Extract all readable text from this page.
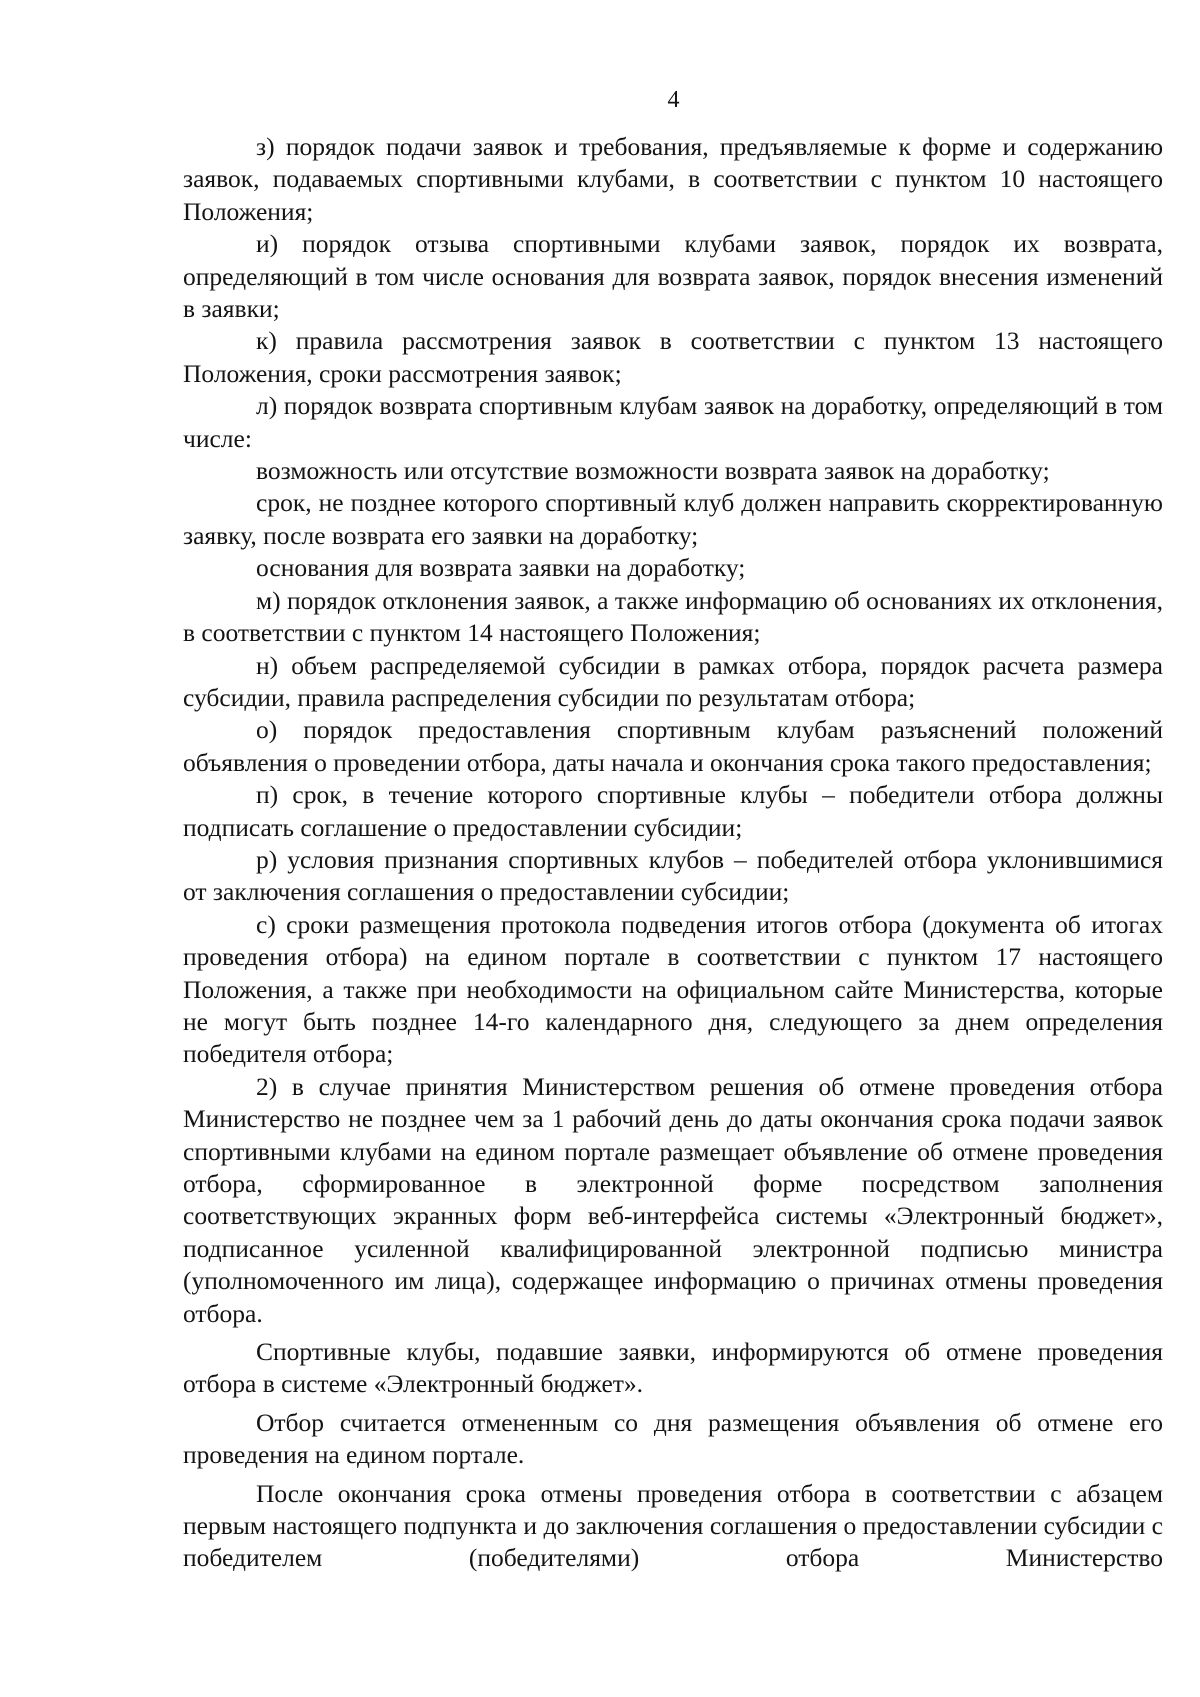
4

з) порядок подачи заявок и требования, предъявляемые к форме и содержанию заявок, подаваемых спортивными клубами, в соответствии с пунктом 10 настоящего Положения;

и) порядок отзыва спортивными клубами заявок, порядок их возврата, определяющий в том числе основания для возврата заявок, порядок внесения изменений в заявки;

к) правила рассмотрения заявок в соответствии с пунктом 13 настоящего Положения, сроки рассмотрения заявок;

л) порядок возврата спортивным клубам заявок на доработку, определяющий в том числе:

возможность или отсутствие возможности возврата заявок на доработку;

срок, не позднее которого спортивный клуб должен направить скорректированную заявку, после возврата его заявки на доработку;

основания для возврата заявки на доработку;

м) порядок отклонения заявок, а также информацию об основаниях их отклонения, в соответствии с пунктом 14 настоящего Положения;

н) объем распределяемой субсидии в рамках отбора, порядок расчета размера субсидии, правила распределения субсидии по результатам отбора;

о) порядок предоставления спортивным клубам разъяснений положений объявления о проведении отбора, даты начала и окончания срока такого предоставления;

п) срок, в течение которого спортивные клубы – победители отбора должны подписать соглашение о предоставлении субсидии;

р) условия признания спортивных клубов – победителей отбора уклонившимися от заключения соглашения о предоставлении субсидии;

с) сроки размещения протокола подведения итогов отбора (документа об итогах проведения отбора) на едином портале в соответствии с пунктом 17 настоящего Положения, а также при необходимости на официальном сайте Министерства, которые не могут быть позднее 14-го календарного дня, следующего за днем определения победителя отбора;

2) в случае принятия Министерством решения об отмене проведения отбора Министерство не позднее чем за 1 рабочий день до даты окончания срока подачи заявок спортивными клубами на едином портале размещает объявление об отмене проведения отбора, сформированное в электронной форме посредством заполнения соответствующих экранных форм веб-интерфейса системы «Электронный бюджет», подписанное усиленной квалифицированной электронной подписью министра (уполномоченного им лица), содержащее информацию о причинах отмены проведения отбора.

Спортивные клубы, подавшие заявки, информируются об отмене проведения отбора в системе «Электронный бюджет».

Отбор считается отмененным со дня размещения объявления об отмене его проведения на едином портале.

После окончания срока отмены проведения отбора в соответствии с абзацем первым настоящего подпункта и до заключения соглашения о предоставлении субсидии с победителем (победителями) отбора Министерство
